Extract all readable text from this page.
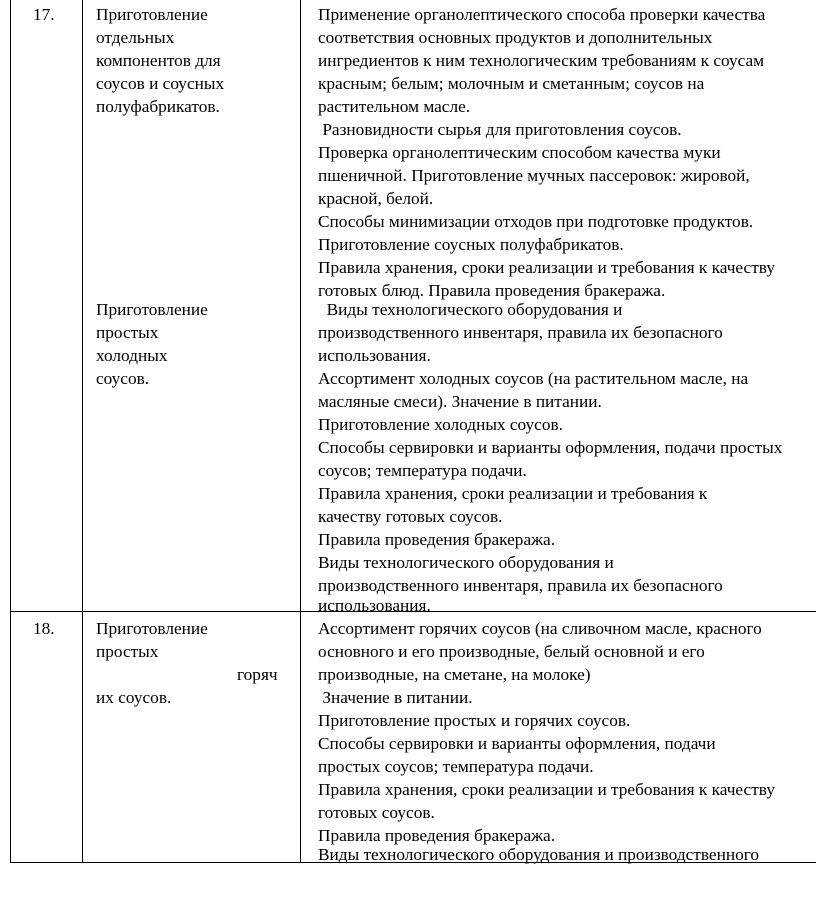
17. Приготовление
отдельных
компонентов для
соусов и соусных
полуфабрикатов.
Приготовление
простых
холодных
соусов.
Применение органолептического способа проверки качества
соответствия основных продуктов и дополнительных
ингредиентов к ним технологическим требованиям к соусам
красным; белым; молочным и сметанным; соусов на
растительном масле.
Разновидности сырья для приготовления соусов.
Проверка органолептическим способом качества муки
пшеничной. Приготовление мучных пассеровок: жировой,
красной, белой.
Способы минимизации отходов при подготовке продуктов.
Приготовление соусных полуфабрикатов.
Правила хранения, сроки реализации и требования к качеству
готовых блюд. Правила проведения бракеража.
Виды технологического оборудования и
производственного инвентаря, правила их безопасного
использования.
Ассортимент холодных соусов (на растительном масле, на
масляные смеси). Значение в питании.
Приготовление холодных соусов.
Способы сервировки и варианты оформления, подачи простых
соусов; температура подачи.
Правила хранения, сроки реализации и требования к
качеству готовых соусов.
Правила проведения бракеража.
Виды технологического оборудования и
производственного инвентаря, правила их безопасного
использования.
18. Приготовление
простых
горяч
их соусов.
Ассортимент горячих соусов (на сливочном масле, красного
основного и его производные, белый основной и его
производные, на сметане, на молоке)
Значение в питании.
Приготовление простых и горячих соусов.
Способы сервировки и варианты оформления, подачи
простых соусов; температура подачи.
Правила хранения, сроки реализации и требования к качеству
готовых соусов.
Правила проведения бракеража.
Виды технологического оборудования и производственного
